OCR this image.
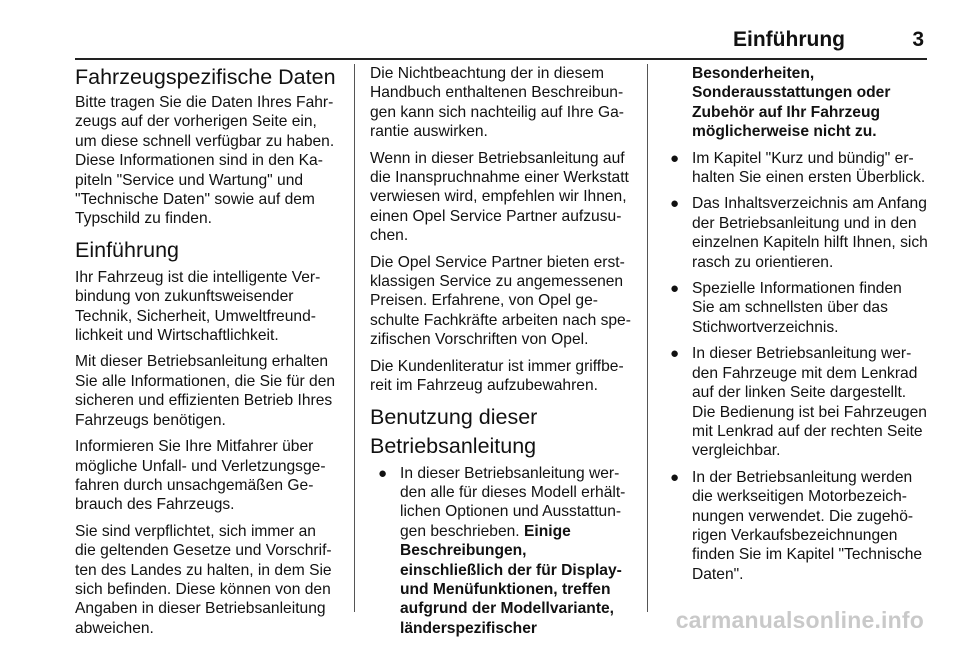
Einführung	3
Fahrzeugspezifische Daten

Bitte tragen Sie die Daten Ihres Fahrzeugs auf der vorherigen Seite ein, um diese schnell verfügbar zu haben. Diese Informationen sind in den Kapiteln "Service und Wartung" und "Technische Daten" sowie auf dem Typschild zu finden.

Einführung

Ihr Fahrzeug ist die intelligente Verbindung von zukunftsweisender Technik, Sicherheit, Umweltfreundlichkeit und Wirtschaftlichkeit.

Mit dieser Betriebsanleitung erhalten Sie alle Informationen, die Sie für den sicheren und effizienten Betrieb Ihres Fahrzeugs benötigen.

Informieren Sie Ihre Mitfahrer über mögliche Unfall- und Verletzungsgefahren durch unsachgemäßen Gebrauch des Fahrzeugs.

Sie sind verpflichtet, sich immer an die geltenden Gesetze und Vorschriften des Landes zu halten, in dem Sie sich befinden. Diese können von den Angaben in dieser Betriebsanleitung abweichen.

Die Nichtbeachtung der in diesem Handbuch enthaltenen Beschreibungen kann sich nachteilig auf Ihre Garantie auswirken.

Wenn in dieser Betriebsanleitung auf die Inanspruchnahme einer Werkstatt verwiesen wird, empfehlen wir Ihnen, einen Opel Service Partner aufzusuchen.

Die Opel Service Partner bieten erstklassigen Service zu angemessenen Preisen. Erfahrene, von Opel geschulte Fachkräfte arbeiten nach spezifischen Vorschriften von Opel.

Die Kundenliteratur ist immer griffbereit im Fahrzeug aufzubewahren.

Benutzung dieser Betriebsanleitung
● In dieser Betriebsanleitung werden alle für dieses Modell erhältlichen Optionen und Ausstattungen beschrieben. Einige Beschreibungen, einschließlich der für Display- und Menüfunktionen, treffen aufgrund der Modellvariante, länderspezifischer

Besonderheiten, Sonderausstattungen oder Zubehör auf Ihr Fahrzeug möglicherweise nicht zu.

● Im Kapitel "Kurz und bündig" erhalten Sie einen ersten Überblick.
● Das Inhaltsverzeichnis am Anfang der Betriebsanleitung und in den einzelnen Kapiteln hilft Ihnen, sich rasch zu orientieren.
● Spezielle Informationen finden Sie am schnellsten über das Stichwortverzeichnis.
● In dieser Betriebsanleitung werden Fahrzeuge mit dem Lenkrad auf der linken Seite dargestellt. Die Bedienung ist bei Fahrzeugen mit Lenkrad auf der rechten Seite vergleichbar.
● In der Betriebsanleitung werden die werkseitigen Motorbezeichnungen verwendet. Die zugehörigen Verkaufsbezeichnungen finden Sie im Kapitel "Technische Daten".
carmanualsonline.info
